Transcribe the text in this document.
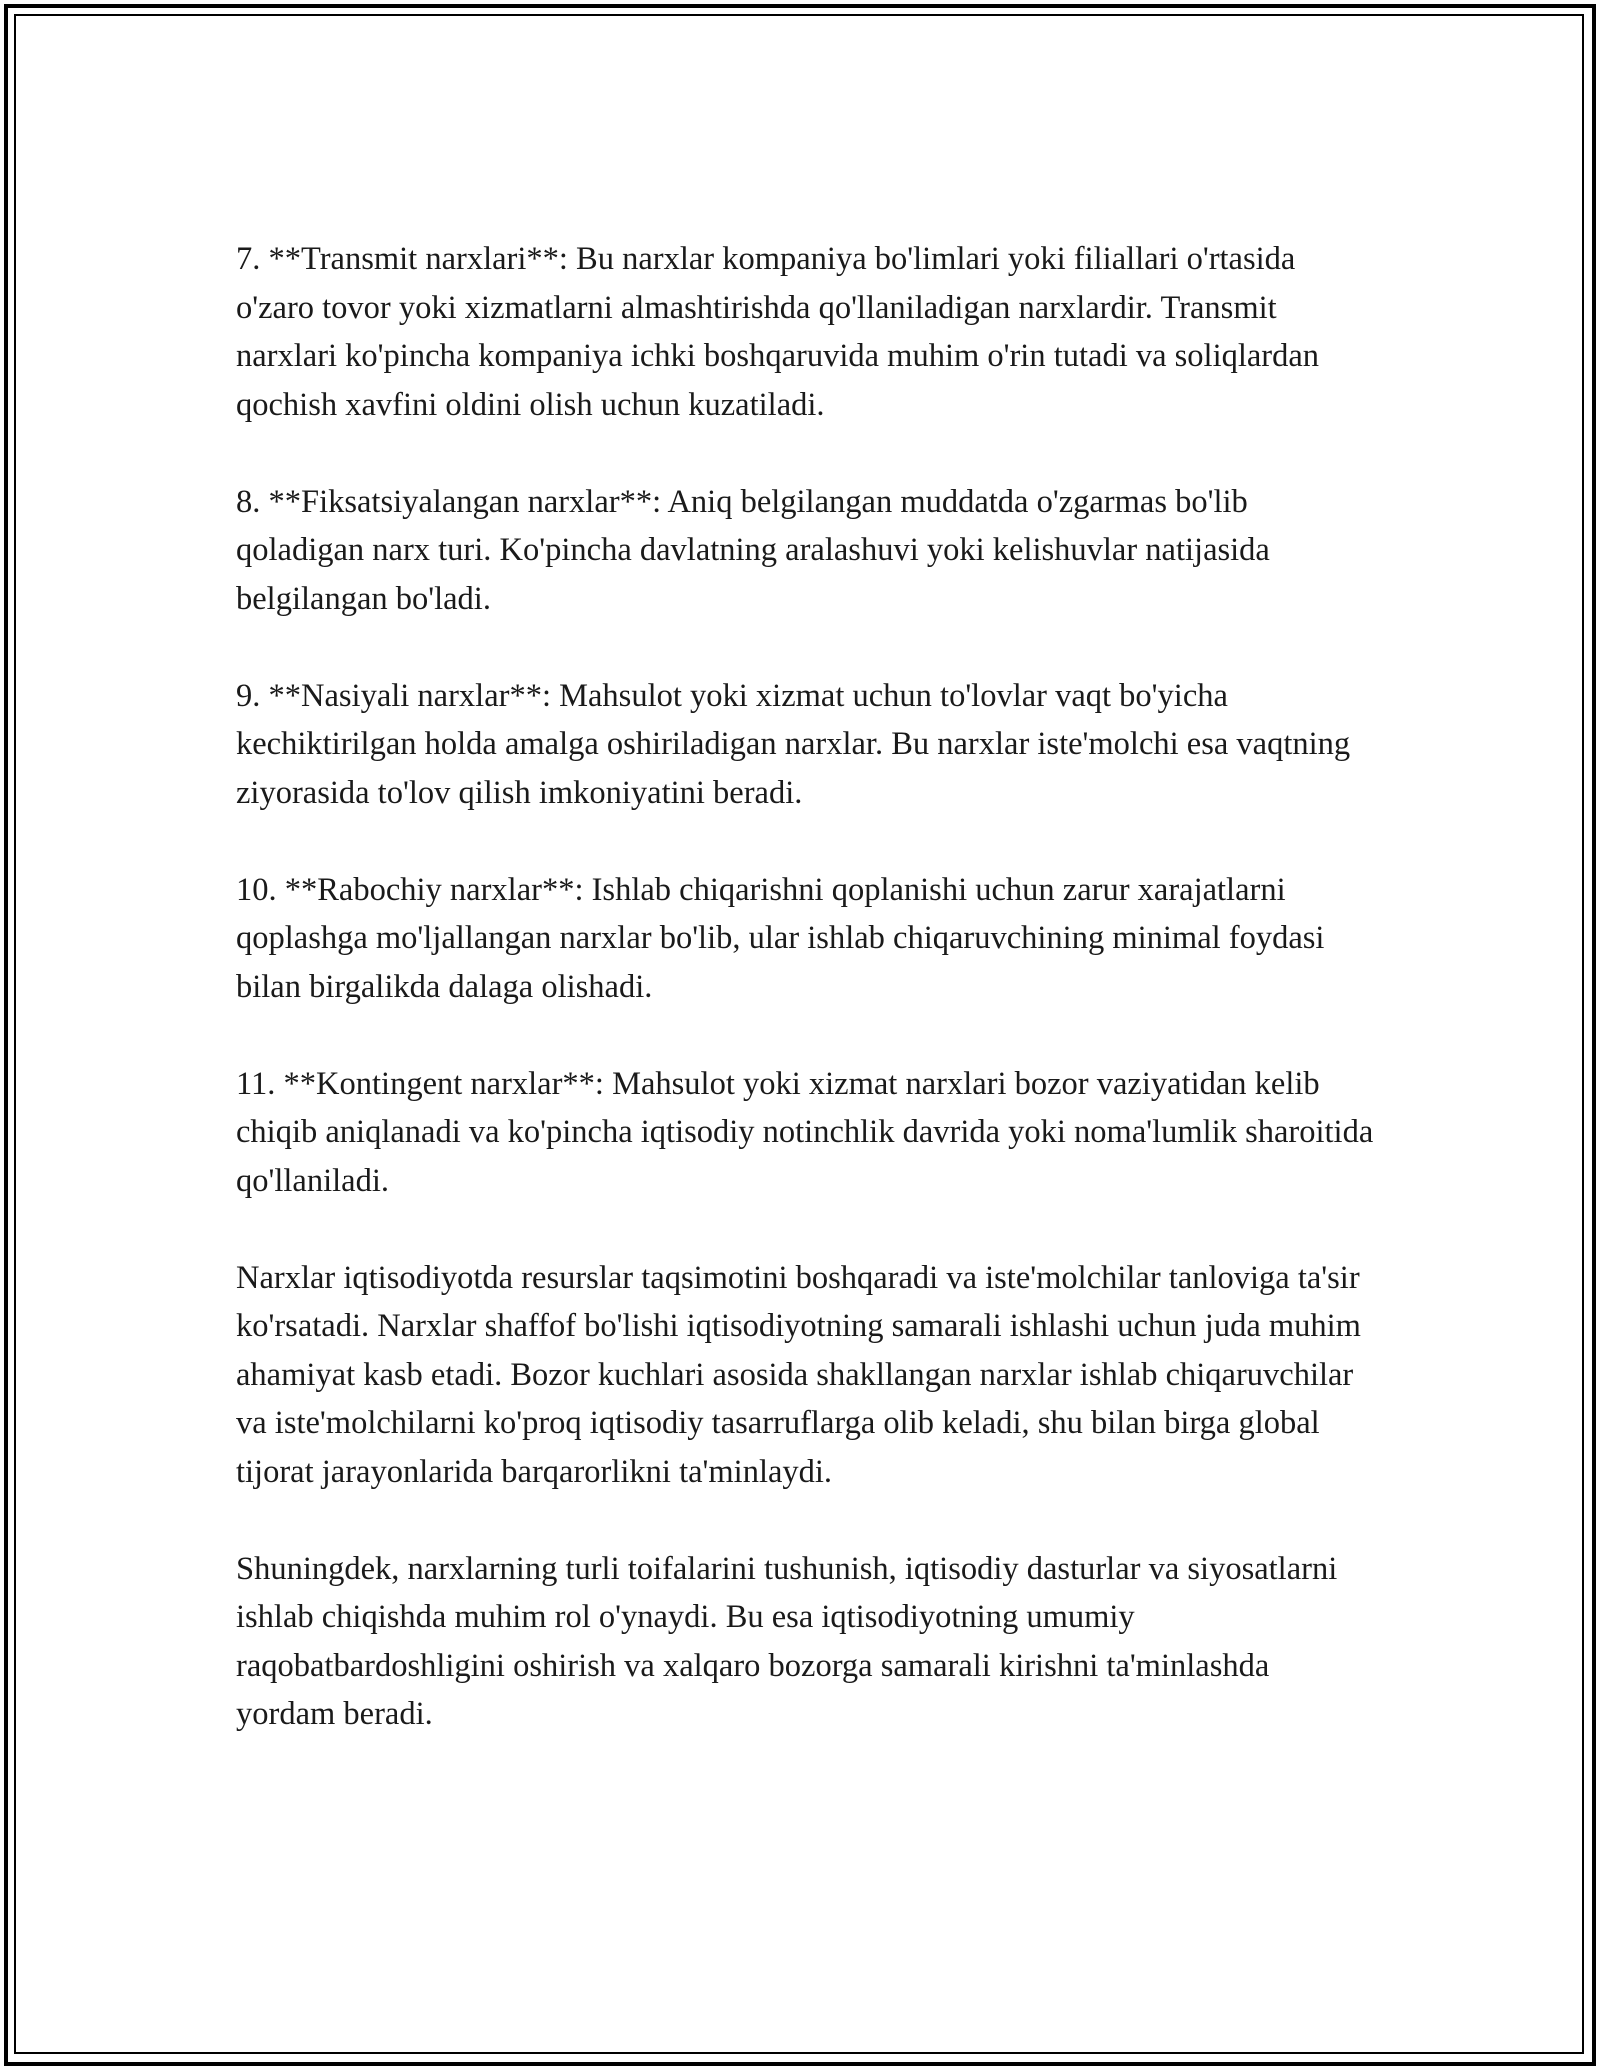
7. **Transmit narxlari**: Bu narxlar kompaniya bo'limlari yoki filiallari o'rtasida o'zaro tovor yoki xizmatlarni almashtirishda qo'llaniladigan narxlardir. Transmit narxlari ko'pincha kompaniya ichki boshqaruvida muhim o'rin tutadi va soliqlardan qochish xavfini oldini olish uchun kuzatiladi.

8. **Fiksatsiyalangan narxlar**: Aniq belgilangan muddatda o'zgarmas bo'lib qoladigan narx turi. Ko'pincha davlatning aralashuvi yoki kelishuvlar natijasida belgilangan bo'ladi.

9. **Nasiyali narxlar**: Mahsulot yoki xizmat uchun to'lovlar vaqt bo'yicha kechiktirilgan holda amalga oshiriladigan narxlar. Bu narxlar iste'molchi esa vaqtning ziyorasida to'lov qilish imkoniyatini beradi.

10. **Rabochiy narxlar**: Ishlab chiqarishni qoplanishi uchun zarur xarajatlarni qoplashga mo'ljallangan narxlar bo'lib, ular ishlab chiqaruvchining minimal foydasi bilan birgalikda dalaga olishadi.

11. **Kontingent narxlar**: Mahsulot yoki xizmat narxlari bozor vaziyatidan kelib chiqib aniqlanadi va ko'pincha iqtisodiy notinchlik davrida yoki noma'lumlik sharoitida qo'llaniladi.

Narxlar iqtisodiyotda resurslar taqsimotini boshqaradi va iste'molchilar tanloviga ta'sir ko'rsatadi. Narxlar shaffof bo'lishi iqtisodiyotning samarali ishlashi uchun juda muhim ahamiyat kasb etadi. Bozor kuchlari asosida shakllangan narxlar ishlab chiqaruvchilar va iste'molchilarni ko'proq iqtisodiy tasarruflarga olib keladi, shu bilan birga global tijorat jarayonlarida barqarorlikni ta'minlaydi.

Shuningdek, narxlarning turli toifalarini tushunish, iqtisodiy dasturlar va siyosatlarni ishlab chiqishda muhim rol o'ynaydi. Bu esa iqtisodiyotning umumiy raqobatbardoshligini oshirish va xalqaro bozorga samarali kirishni ta'minlashda yordam beradi.
